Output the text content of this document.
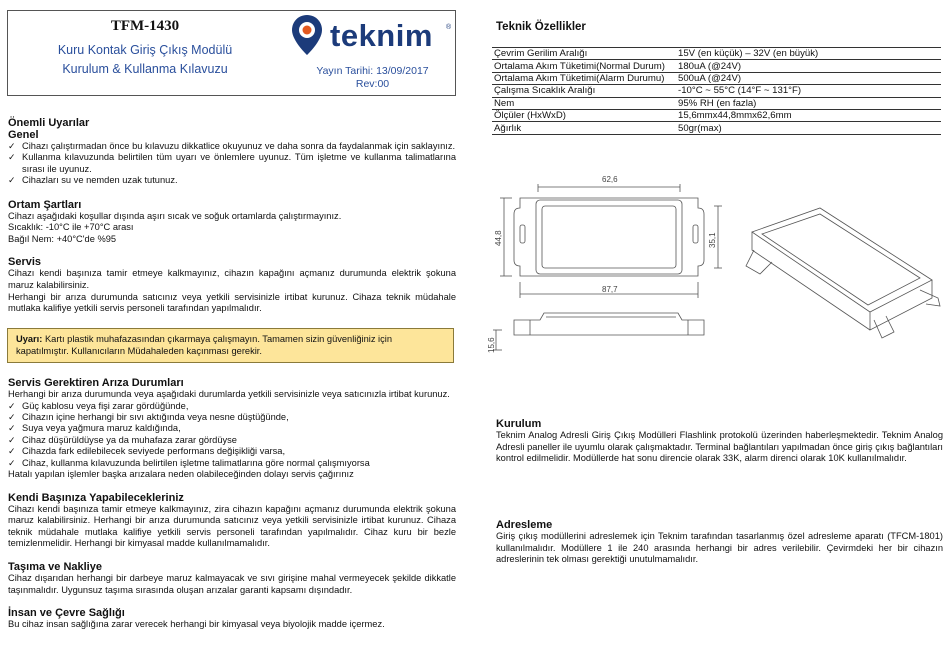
TFM-1430
Kuru Kontak Giriş Çıkış Modülü
Kurulum & Kullanma Kılavuzu
teknim ®
Yayın Tarihi: 13/09/2017
Rev:00
Önemli Uyarılar
Genel
✓ Cihazı çalıştırmadan önce bu kılavuzu dikkatlice okuyunuz ve daha sonra da faydalanmak için saklayınız.
✓ Kullanma kılavuzunda belirtilen tüm uyarı ve önlemlere uyunuz. Tüm işletme ve kullanma talimatlarına sırası ile uyunuz.
✓ Cihazları su ve nemden uzak tutunuz.
Ortam Şartları
Cihazı aşağıdaki koşullar dışında aşırı sıcak ve soğuk ortamlarda çalıştırmayınız.
Sıcaklık: -10°C ile +70°C arası
Bağıl Nem: +40°C'de %95
Servis
Cihazı kendi başınıza tamir etmeye kalkmayınız, cihazın kapağını açmanız durumunda elektrik şokuna maruz kalabilirsiniz.
Herhangi bir arıza durumunda satıcınız veya yetkili servisinizle irtibat kurunuz. Cihaza teknik müdahale mutlaka kalifiye yetkili servis personeli tarafından yapılmalıdır.
Uyarı: Kartı plastik muhafazasından çıkarmaya çalışmayın. Tamamen sizin güvenliğiniz için kapatılmıştır. Kullanıcıların Müdahaleden kaçınması gerekir.
Servis Gerektiren Arıza Durumları
Herhangi bir arıza durumunda veya aşağıdaki durumlarda yetkili servisinizle veya satıcınızla irtibat kurunuz.
✓ Güç kablosu veya fişi zarar gördüğünde,
✓ Cihazın içine herhangi bir sıvı aktığında veya nesne düştüğünde,
✓ Suya veya yağmura maruz kaldığında,
✓ Cihaz düşürüldüyse ya da muhafaza zarar gördüyse
✓ Cihazda fark edilebilecek seviyede performans değişikliği varsa,
✓ Cihaz, kullanma kılavuzunda belirtilen işletme talimatlarına göre normal çalışmıyorsa
Hatalı yapılan işlemler başka arızalara neden olabileceğinden dolayı servis çağırınız
Kendi Başınıza Yapabilecekleriniz
Cihazı kendi başınıza tamir etmeye kalkmayınız, zira cihazın kapağını açmanız durumunda elektrik şokuna maruz kalabilirsiniz. Herhangi bir arıza durumunda satıcınız veya yetkili servisinizle irtibat kurunuz. Cihaza teknik müdahale mutlaka kalifiye yetkili servis personeli tarafından yapılmalıdır. Cihaz kuru bir bezle temizlenmelidir. Herhangi bir kimyasal madde kullanılmamalıdır.
Taşıma ve Nakliye
Cihaz dışarıdan herhangi bir darbeye maruz kalmayacak ve sıvı girişine mahal vermeyecek şekilde dikkatle taşınmalıdır. Uygunsuz taşıma sırasında oluşan arızalar garanti kapsamı dışındadır.
İnsan ve Çevre Sağlığı
Bu cihaz insan sağlığına zarar verecek herhangi bir kimyasal veya biyolojik madde içermez.
Teknik Özellikler
Çevrim Gerilim Aralığı	15V (en küçük) – 32V (en büyük)
Ortalama Akım Tüketimi(Normal Durum)	180uA (@24V)
Ortalama Akım Tüketimi(Alarm Durumu)	500uA (@24V)
Çalışma Sıcaklık Aralığı	-10°C ~ 55°C (14°F ~ 131°F)
Nem	95% RH (en fazla)
Ölçüler (HxWxD)	15,6mmx44,8mmx62,6mm
Ağırlık	50gr(max)
62,6
44,8	35,1
87,7
15,6
Kurulum
Teknim Analog Adresli Giriş Çıkış Modülleri Flashlink protokolü üzerinden haberleşmektedir. Teknim Analog Adresli paneller ile uyumlu olarak çalışmaktadır. Terminal bağlantıları yapılmadan önce giriş çıkış bağlantıları kontrol edilmelidir. Modüllerde hat sonu direncie olarak 33K, alarm direnci olarak 10K kullanılmalıdır.
Adresleme
Giriş çıkış modüllerini adreslemek için Teknim tarafından tasarlanmış özel adresleme aparatı (TFCM-1801) kullanılmalıdır. Modüllere 1 ile 240 arasında herhangi bir adres verilebilir. Çevirmdeki her bir cihazın adreslerinin tek olması gerektiği unutulmamalıdır.
